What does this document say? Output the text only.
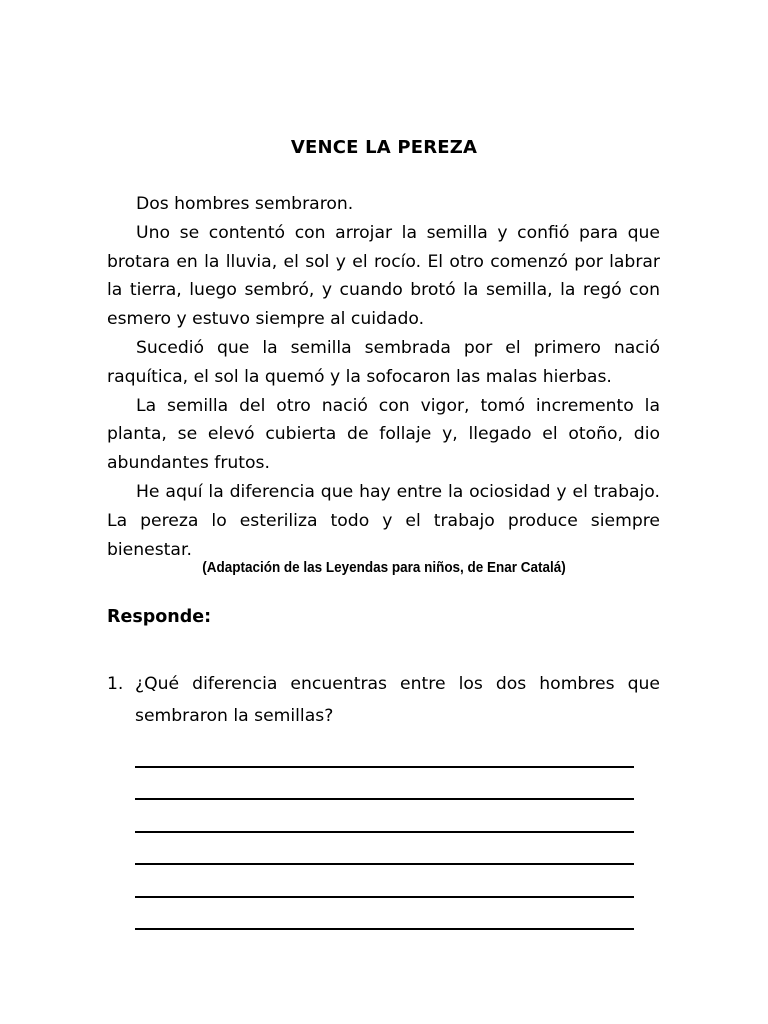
VENCE LA PEREZA

Dos hombres sembraron.

Uno se contentó con arrojar la semilla y confió para que brotara en la lluvia, el sol y el rocío. El otro comenzó por labrar la tierra, luego sembró, y cuando brotó la semilla, la regó con esmero y estuvo siempre al cuidado.

Sucedió que la semilla sembrada por el primero nació raquítica, el sol la quemó y la sofocaron las malas hierbas.

La semilla del otro nació con vigor, tomó incremento la planta, se elevó cubierta de follaje y, llegado el otoño, dio abundantes frutos.

He aquí la diferencia que hay entre la ociosidad y el trabajo. La pereza lo esteriliza todo y el trabajo produce siempre bienestar.

(Adaptación de las Leyendas para niños, de Enar Catalá)
Responde:
1. ¿Qué diferencia encuentras entre los dos hombres que sembraron la semillas?
